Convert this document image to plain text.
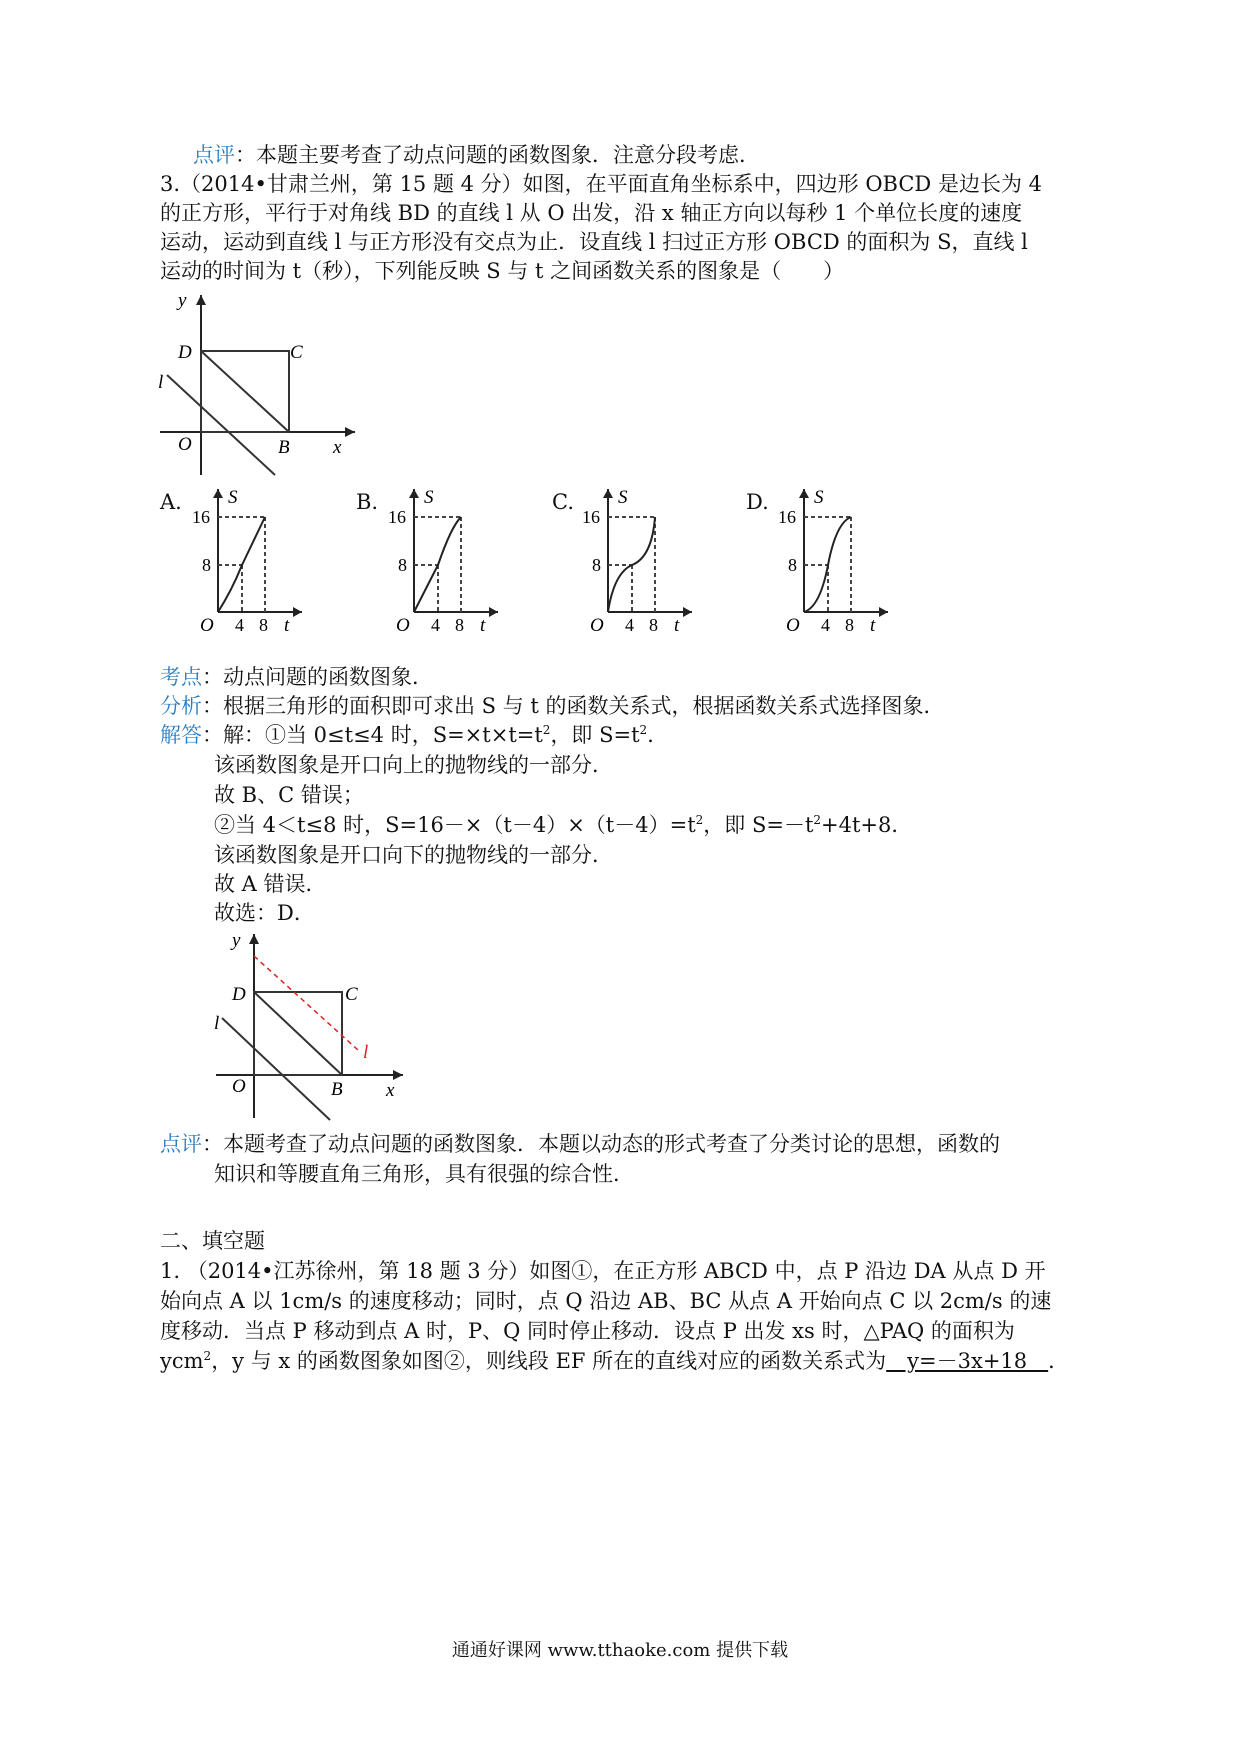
点评：本题主要考查了动点问题的函数图象．注意分段考虑．
3.（2014•甘肃兰州，第 15 题 4 分）如图，在平面直角坐标系中，四边形 OBCD 是边长为 4
的正方形，平行于对角线 BD 的直线 l 从 O 出发，沿 x 轴正方向以每秒 1 个单位长度的速度
运动，运动到直线 l 与正方形没有交点为止．设直线 l 扫过正方形 OBCD 的面积为 S，直线 l
运动的时间为 t（秒），下列能反映 S 与 t 之间函数关系的图象是（　　）
y
x
O	B
C
D
l
A. S
16
8
O 4 8 t
B. S
16
8
O 4 8 t
C. S
16
8
O 4 8 t
D. S
16
8
O 4 8 t
考点：动点问题的函数图象．
分析：根据三角形的面积即可求出 S 与 t 的函数关系式，根据函数关系式选择图象．
解答：解：①当 0≤t≤4 时，$S=\times t\times t=t^2$，即 $S=t^2$．
该函数图象是开口向上的抛物线的一部分．
故 B、C 错误；
②当 4＜t≤8 时，$S=16-\times(t-4)\times(t-4)=t^2$，即 $S=-t^2+4t+8$．
该函数图象是开口向下的抛物线的一部分．
故 A 错误．
故选：D．
y
x
O	B
C
D
l
l
点评：本题考查了动点问题的函数图象．本题以动态的形式考查了分类讨论的思想，函数的
知识和等腰直角三角形，具有很强的综合性．
二、填空题
1. （2014•江苏徐州，第 18 题 3 分）如图①，在正方形 ABCD 中，点 P 沿边 DA 从点 D 开
始向点 A 以 1cm/s 的速度移动；同时，点 Q 沿边 AB、BC 从点 A 开始向点 C 以 2cm/s 的速
度移动．当点 P 移动到点 A 时，P、Q 同时停止移动．设点 P 出发 xs 时，△PAQ 的面积为
ycm$^2$，y 与 x 的函数图象如图②，则线段 EF 所在的直线对应的函数关系式为　y=－3x+18　．
通通好课网 www.tthaoke.com 提供下载
